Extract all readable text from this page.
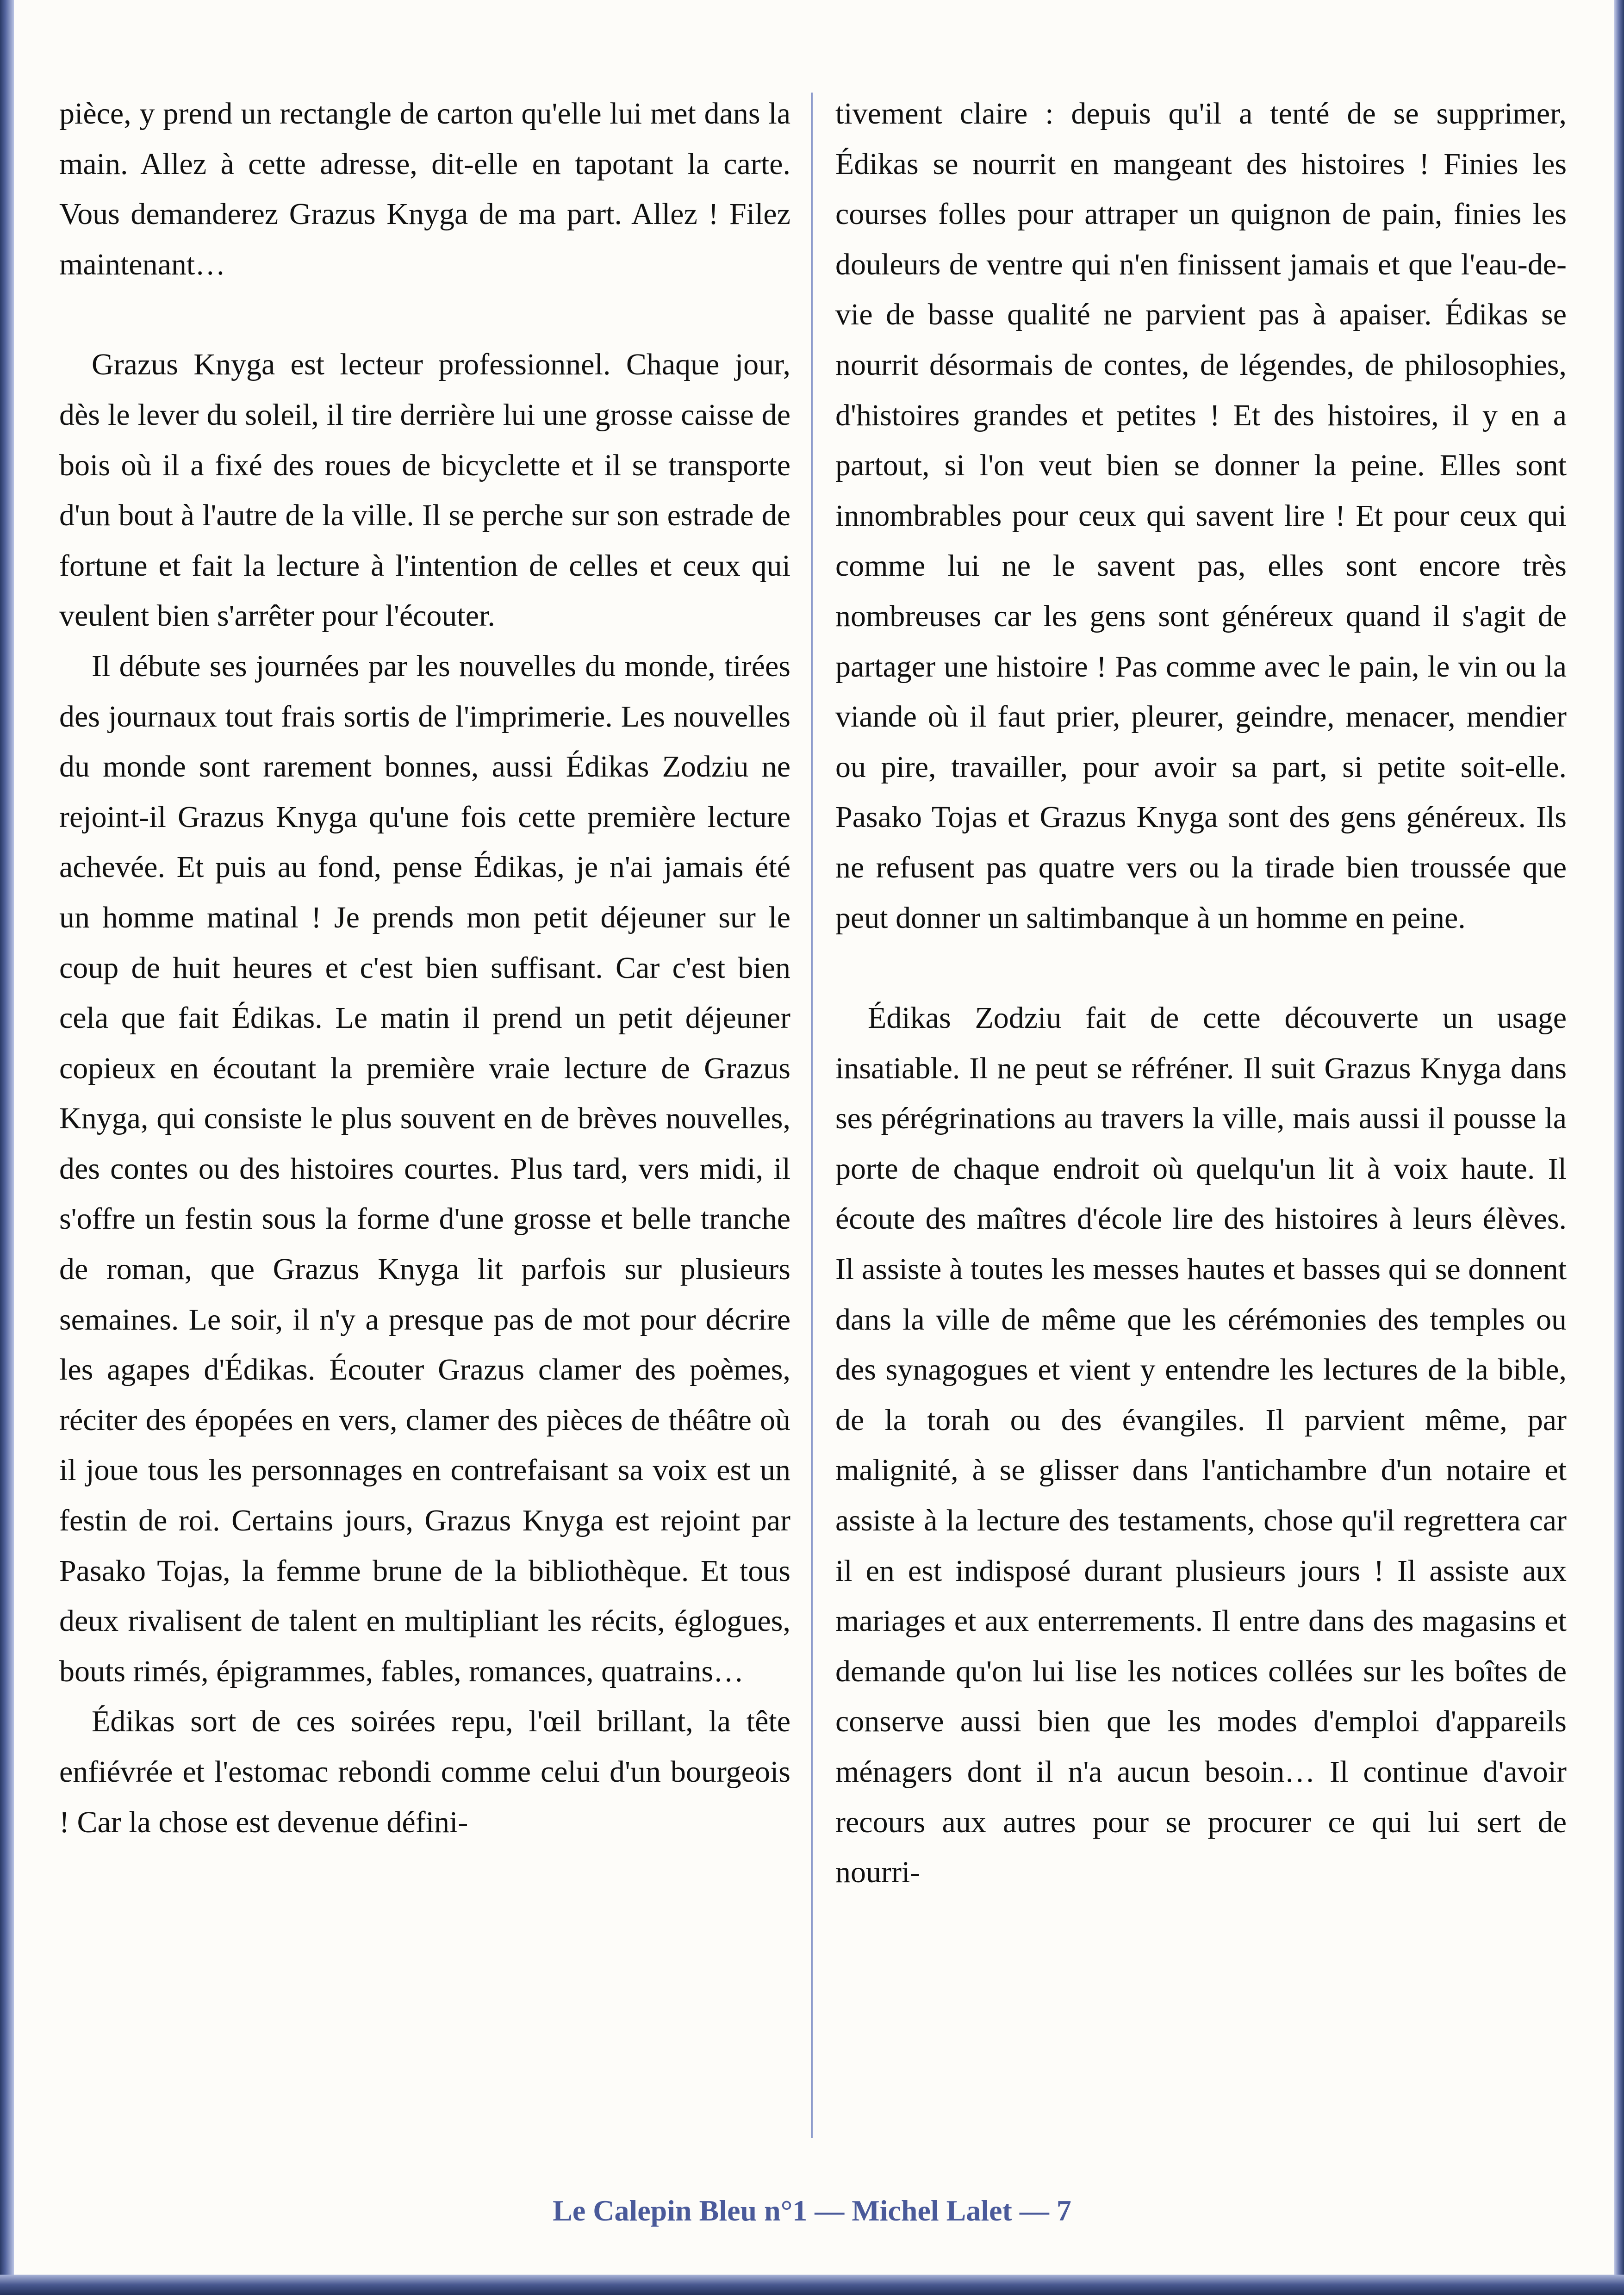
pièce, y prend un rectangle de carton qu'elle lui met dans la main. Allez à cette adresse, dit-elle en tapotant la carte. Vous demanderez Grazus Knyga de ma part. Allez ! Filez maintenant…

Grazus Knyga est lecteur professionnel. Chaque jour, dès le lever du soleil, il tire derrière lui une grosse caisse de bois où il a fixé des roues de bicyclette et il se transporte d'un bout à l'autre de la ville. Il se perche sur son estrade de fortune et fait la lecture à l'intention de celles et ceux qui veulent bien s'arrêter pour l'écouter.

Il débute ses journées par les nouvelles du monde, tirées des journaux tout frais sortis de l'imprimerie. Les nouvelles du monde sont rarement bonnes, aussi Édikas Zodziu ne rejoint-il Grazus Knyga qu'une fois cette première lecture achevée. Et puis au fond, pense Édikas, je n'ai jamais été un homme matinal ! Je prends mon petit déjeuner sur le coup de huit heures et c'est bien suffisant. Car c'est bien cela que fait Édikas. Le matin il prend un petit déjeuner copieux en écoutant la première vraie lecture de Grazus Knyga, qui consiste le plus souvent en de brèves nouvelles, des contes ou des histoires courtes. Plus tard, vers midi, il s'offre un festin sous la forme d'une grosse et belle tranche de roman, que Grazus Knyga lit parfois sur plusieurs semaines. Le soir, il n'y a presque pas de mot pour décrire les agapes d'Édikas. Écouter Grazus clamer des poèmes, réciter des épopées en vers, clamer des pièces de théâtre où il joue tous les personnages en contrefaisant sa voix est un festin de roi. Certains jours, Grazus Knyga est rejoint par Pasako Tojas, la femme brune de la bibliothèque. Et tous deux rivalisent de talent en multipliant les récits, églogues, bouts rimés, épigrammes, fables, romances, quatrains…

Édikas sort de ces soirées repu, l'œil brillant, la tête enfiévrée et l'estomac rebondi comme celui d'un bourgeois ! Car la chose est devenue défini-

tivement claire : depuis qu'il a tenté de se supprimer, Édikas se nourrit en mangeant des histoires ! Finies les courses folles pour attraper un quignon de pain, finies les douleurs de ventre qui n'en finissent jamais et que l'eau-de-vie de basse qualité ne parvient pas à apaiser. Édikas se nourrit désormais de contes, de légendes, de philosophies, d'histoires grandes et petites ! Et des histoires, il y en a partout, si l'on veut bien se donner la peine. Elles sont innombrables pour ceux qui savent lire ! Et pour ceux qui comme lui ne le savent pas, elles sont encore très nombreuses car les gens sont généreux quand il s'agit de partager une histoire ! Pas comme avec le pain, le vin ou la viande où il faut prier, pleurer, geindre, menacer, mendier ou pire, travailler, pour avoir sa part, si petite soit-elle. Pasako Tojas et Grazus Knyga sont des gens généreux. Ils ne refusent pas quatre vers ou la tirade bien troussée que peut donner un saltimbanque à un homme en peine.

Édikas Zodziu fait de cette découverte un usage insatiable. Il ne peut se réfréner. Il suit Grazus Knyga dans ses pérégrinations au travers la ville, mais aussi il pousse la porte de chaque endroit où quelqu'un lit à voix haute. Il écoute des maîtres d'école lire des histoires à leurs élèves. Il assiste à toutes les messes hautes et basses qui se donnent dans la ville de même que les cérémonies des temples ou des synagogues et vient y entendre les lectures de la bible, de la torah ou des évangiles. Il parvient même, par malignité, à se glisser dans l'antichambre d'un notaire et assiste à la lecture des testaments, chose qu'il regrettera car il en est indisposé durant plusieurs jours ! Il assiste aux mariages et aux enterrements. Il entre dans des magasins et demande qu'on lui lise les notices collées sur les boîtes de conserve aussi bien que les modes d'emploi d'appareils ménagers dont il n'a aucun besoin… Il continue d'avoir recours aux autres pour se procurer ce qui lui sert de nourri-

Le Calepin Bleu n°1 — Michel Lalet — 7
